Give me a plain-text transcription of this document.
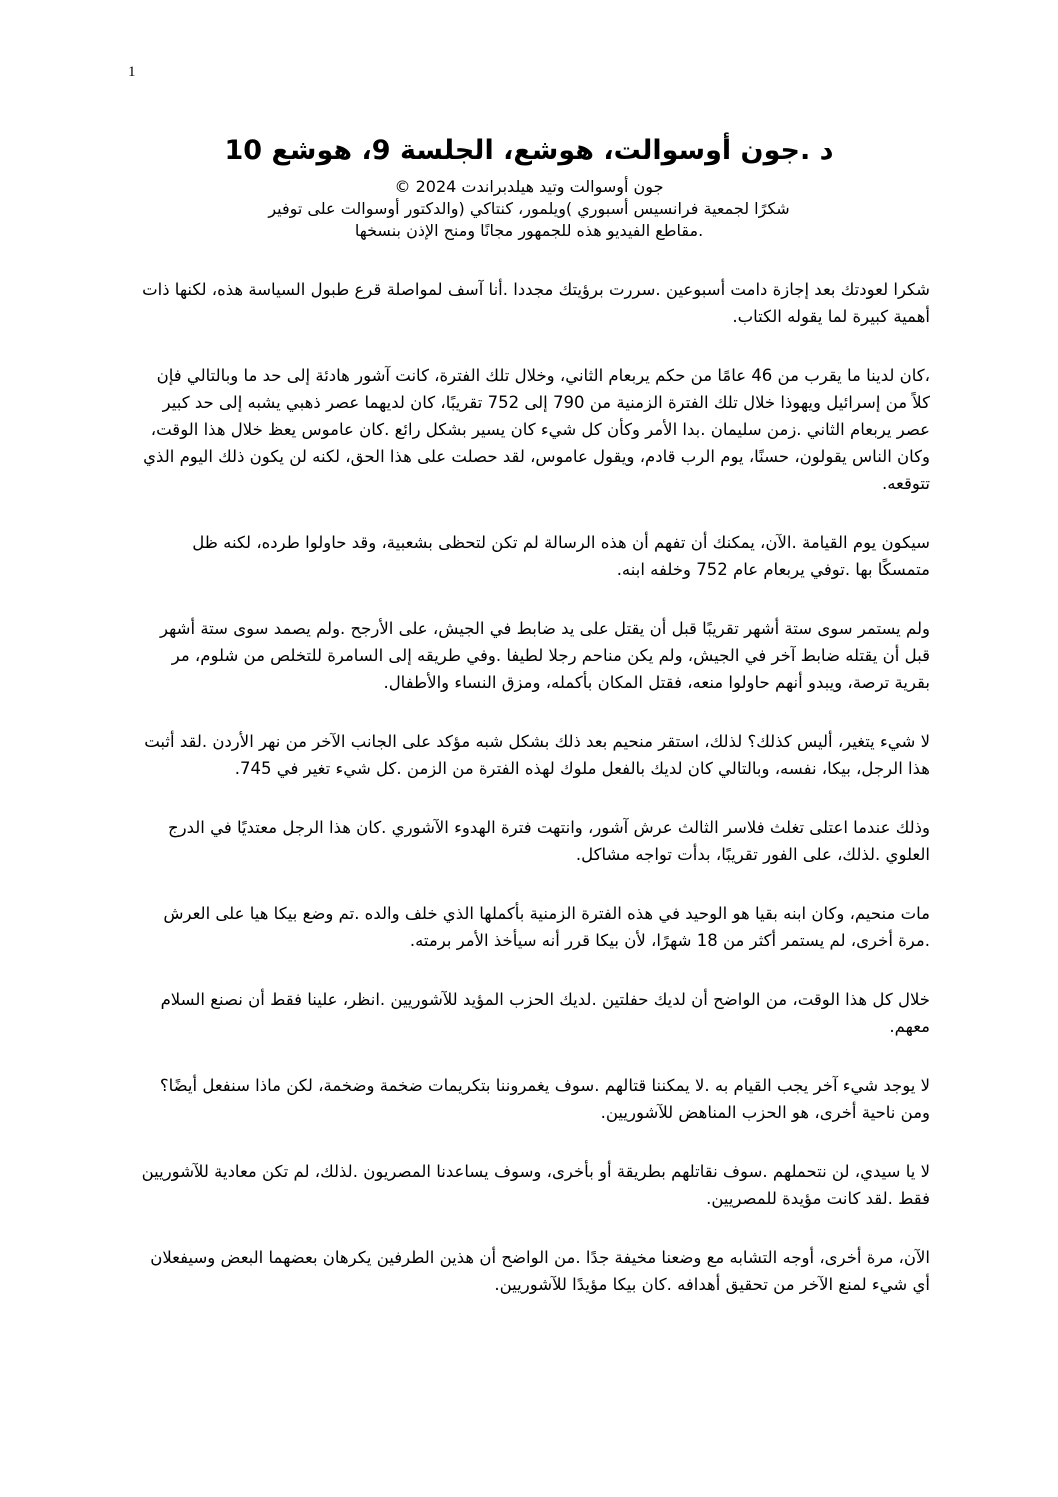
1
د .جون أوسوالت، هوشع، الجلسة 9، هوشع 10

جون أوسوالت وتيد هيلدبراندت 2024 ©

شكرًا لجمعية فرانسيس أسبوري )ويلمور، كنتاكي (والدكتور أوسوالت على توفير

.مقاطع الفيديو هذه للجمهور مجانًا ومنح الإذن بنسخها

شكرا لعودتك بعد إجازة دامت أسبوعين .سررت برؤيتك مجددا .أنا آسف لمواصلة قرع طبول السياسة هذه، لكنها ذات أهمية كبيرة لما يقوله الكتاب.

،كان لدينا ما يقرب من 46 عامًا من حكم يربعام الثاني، وخلال تلك الفترة، كانت آشور هادئة إلى حد ما وبالتالي فإن كلاً من إسرائيل ويهوذا خلال تلك الفترة الزمنية من 790 إلى 752 تقريبًا، كان لديهما عصر ذهبي يشبه إلى حد كبير عصر يربعام الثاني .زمن سليمان .بدا الأمر وكأن كل شيء كان يسير بشكل رائع .كان عاموس يعظ خلال هذا الوقت، وكان الناس يقولون، حسنًا، يوم الرب قادم، ويقول عاموس، لقد حصلت على هذا الحق، لكنه لن يكون ذلك اليوم الذي تتوقعه.

سيكون يوم القيامة .الآن، يمكنك أن تفهم أن هذه الرسالة لم تكن لتحظى بشعبية، وقد حاولوا طرده، لكنه ظل متمسكًا بها .توفي يربعام عام 752 وخلفه ابنه.

ولم يستمر سوى ستة أشهر تقريبًا قبل أن يقتل على يد ضابط في الجيش، على الأرجح .ولم يصمد سوى ستة أشهر قبل أن يقتله ضابط آخر في الجيش، ولم يكن مناحم رجلا لطيفا .وفي طريقه إلى السامرة للتخلص من شلوم، مر بقرية ترصة، ويبدو أنهم حاولوا منعه، فقتل المكان بأكمله، ومزق النساء والأطفال.

لا شيء يتغير، أليس كذلك؟ لذلك، استقر منحيم بعد ذلك بشكل شبه مؤكد على الجانب الآخر من نهر الأردن .لقد أثبت هذا الرجل، بيكا، نفسه، وبالتالي كان لديك بالفعل ملوك لهذه الفترة من الزمن .كل شيء تغير في 745.

وذلك عندما اعتلى تغلث فلاسر الثالث عرش آشور، وانتهت فترة الهدوء الآشوري .كان هذا الرجل معتديًا في الدرج العلوي .لذلك، على الفور تقريبًا، بدأت تواجه مشاكل.

مات منحيم، وكان ابنه بقيا هو الوحيد في هذه الفترة الزمنية بأكملها الذي خلف والده .تم وضع بيكا هيا على العرش .مرة أخرى، لم يستمر أكثر من 18 شهرًا، لأن بيكا قرر أنه سيأخذ الأمر برمته.

خلال كل هذا الوقت، من الواضح أن لديك حفلتين .لديك الحزب المؤيد للآشوريين .انظر، علينا فقط أن نصنع السلام معهم.

لا يوجد شيء آخر يجب القيام به .لا يمكننا قتالهم .سوف يغمروننا بتكريمات ضخمة وضخمة، لكن ماذا سنفعل أيضًا؟ ومن ناحية أخرى، هو الحزب المناهض للآشوريين.

لا يا سيدي، لن نتحملهم .سوف نقاتلهم بطريقة أو بأخرى، وسوف يساعدنا المصريون .لذلك، لم تكن معادية للآشوريين فقط .لقد كانت مؤيدة للمصريين.

الآن، مرة أخرى، أوجه التشابه مع وضعنا مخيفة جدًا .من الواضح أن هذين الطرفين يكرهان بعضهما البعض وسيفعلان أي شيء لمنع الآخر من تحقيق أهدافه .كان بيكا مؤيدًا للآشوريين.
